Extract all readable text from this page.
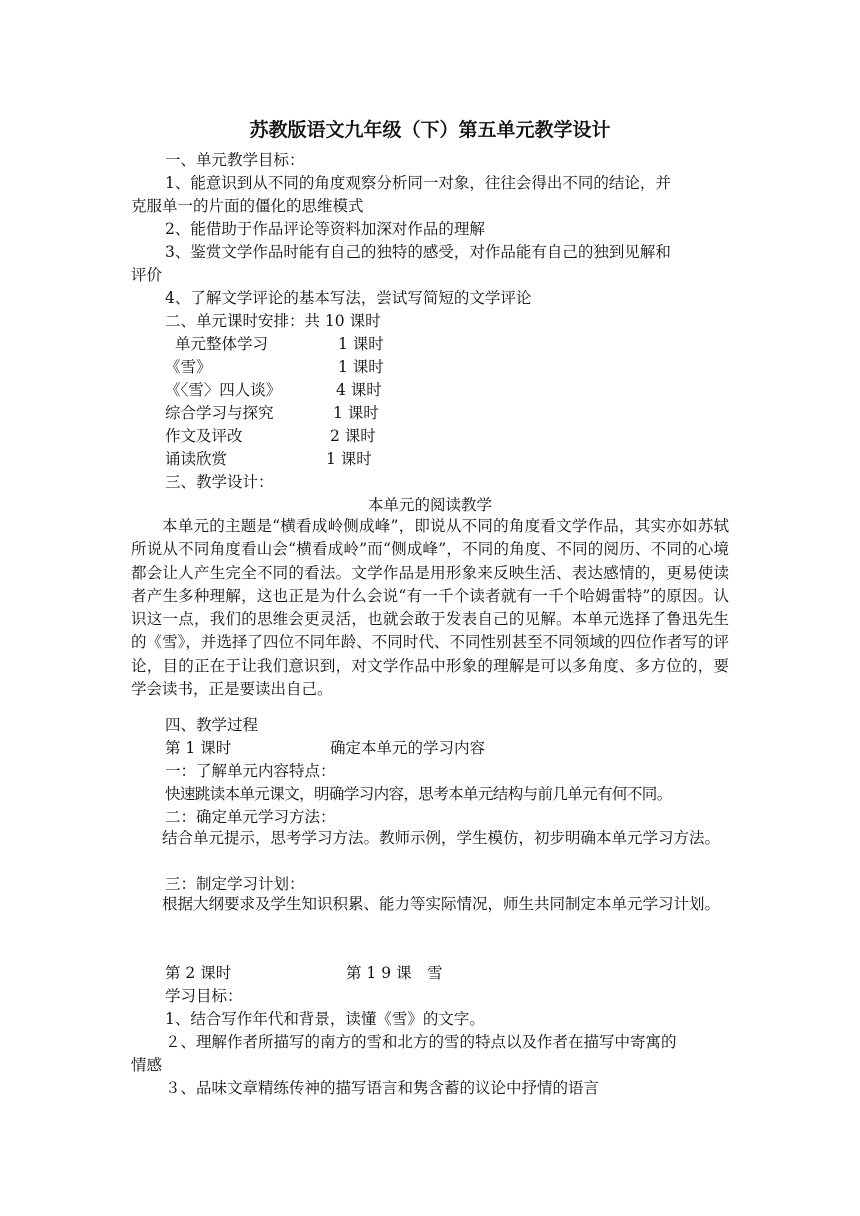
苏教版语文九年级（下）第五单元教学设计
一、单元教学目标：
1、能意识到从不同的角度观察分析同一对象，往往会得出不同的结论，并
克服单一的片面的僵化的思维模式
2、能借助于作品评论等资料加深对作品的理解
3、鉴赏文学作品时能有自己的独特的感受，对作品能有自己的独到见解和
评价
4、了解文学评论的基本写法，尝试写简短的文学评论
二、单元课时安排：共 10 课时
单元整体学习	1 课时
《雪》	1 课时
《〈雪〉四人谈》	4 课时
综合学习与探究	1 课时
作文及评改	2 课时
诵读欣赏	1 课时
三、教学设计：
本单元的阅读教学
本单元的主题是“横看成岭侧成峰”，即说从不同的角度看文学作品，其实亦如苏轼所说从不同角度看山会“横看成岭”而“侧成峰”，不同的角度、不同的阅历、不同的心境都会让人产生完全不同的看法。文学作品是用形象来反映生活、表达感情的，更易使读者产生多种理解，这也正是为什么会说“有一千个读者就有一千个哈姆雷特”的原因。认识这一点，我们的思维会更灵活，也就会敢于发表自己的见解。本单元选择了鲁迅先生的《雪》，并选择了四位不同年龄、不同时代、不同性别甚至不同领域的四位作者写的评论，目的正在于让我们意识到，对文学作品中形象的理解是可以多角度、多方位的，要学会读书，正是要读出自己。
四、教学过程
第 1 课时	确定本单元的学习内容
一：了解单元内容特点：
快速跳读本单元课文，明确学习内容，思考本单元结构与前几单元有何不同。
二：确定单元学习方法：
结合单元提示，思考学习方法。教师示例，学生模仿，初步明确本单元学习方法。
三：制定学习计划：
根据大纲要求及学生知识积累、能力等实际情况，师生共同制定本单元学习计划。
第 2 课时	第 1 9 课　雪
学习目标：
1、结合写作年代和背景，读懂《雪》的文字。
２、理解作者所描写的南方的雪和北方的雪的特点以及作者在描写中寄寓的
情感
３、品味文章精练传神的描写语言和隽含蓄的议论中抒情的语言
